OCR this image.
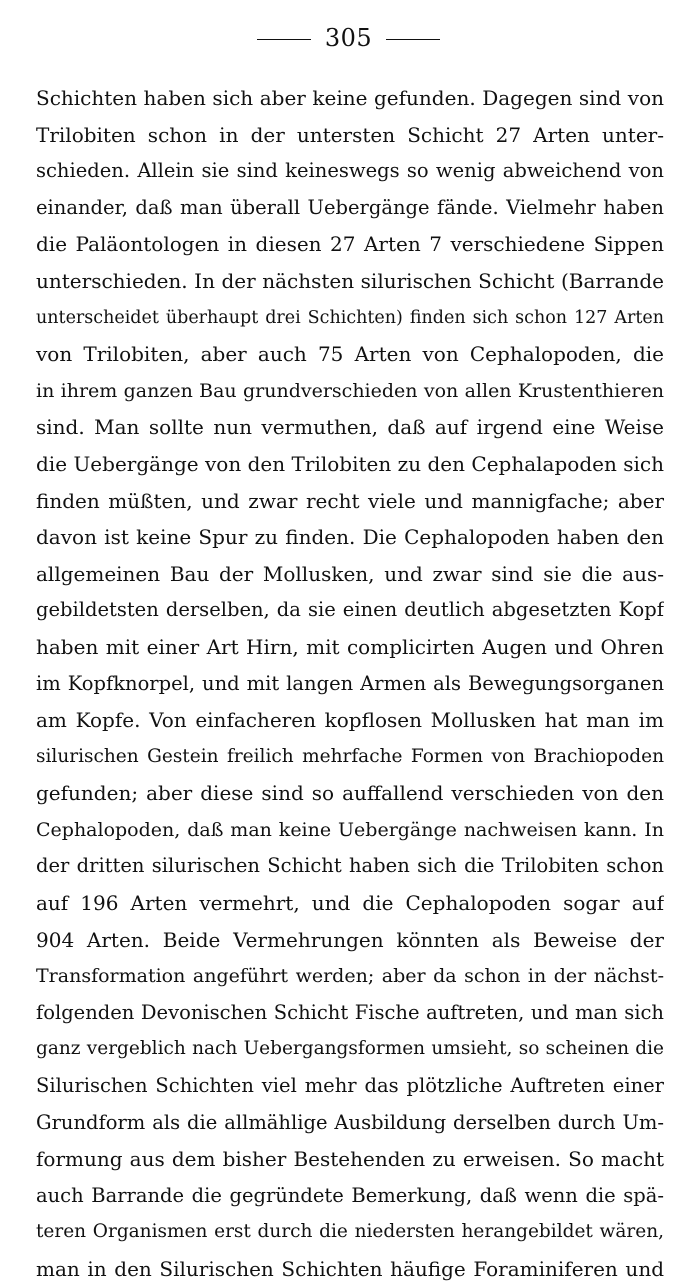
305
Schichten haben sich aber keine gefunden. Dagegen sind von
Trilobiten schon in der untersten Schicht 27 Arten unter-
schieden. Allein sie sind keineswegs so wenig abweichend von
einander, daß man überall Uebergänge fände. Vielmehr haben
die Paläontologen in diesen 27 Arten 7 verschiedene Sippen
unterschieden. In der nächsten silurischen Schicht (Barrande
unterscheidet überhaupt drei Schichten) finden sich schon 127 Arten
von Trilobiten, aber auch 75 Arten von Cephalopoden, die
in ihrem ganzen Bau grundverschieden von allen Krustenthieren
sind. Man sollte nun vermuthen, daß auf irgend eine Weise
die Uebergänge von den Trilobiten zu den Cephalapoden sich
finden müßten, und zwar recht viele und mannigfache; aber
davon ist keine Spur zu finden. Die Cephalopoden haben den
allgemeinen Bau der Mollusken, und zwar sind sie die aus-
gebildetsten derselben, da sie einen deutlich abgesetzten Kopf
haben mit einer Art Hirn, mit complicirten Augen und Ohren
im Kopfknorpel, und mit langen Armen als Bewegungsorganen
am Kopfe. Von einfacheren kopflosen Mollusken hat man im
silurischen Gestein freilich mehrfache Formen von Brachiopoden
gefunden; aber diese sind so auffallend verschieden von den
Cephalopoden, daß man keine Uebergänge nachweisen kann. In
der dritten silurischen Schicht haben sich die Trilobiten schon
auf 196 Arten vermehrt, und die Cephalopoden sogar auf
904 Arten. Beide Vermehrungen könnten als Beweise der
Transformation angeführt werden; aber da schon in der nächst-
folgenden Devonischen Schicht Fische auftreten, und man sich
ganz vergeblich nach Uebergangsformen umsieht, so scheinen die
Silurischen Schichten viel mehr das plötzliche Auftreten einer
Grundform als die allmählige Ausbildung derselben durch Um-
formung aus dem bisher Bestehenden zu erweisen. So macht
auch Barrande die gegründete Bemerkung, daß wenn die spä-
teren Organismen erst durch die niedersten herangebildet wären,
man in den Silurischen Schichten häufige Foraminiferen und
